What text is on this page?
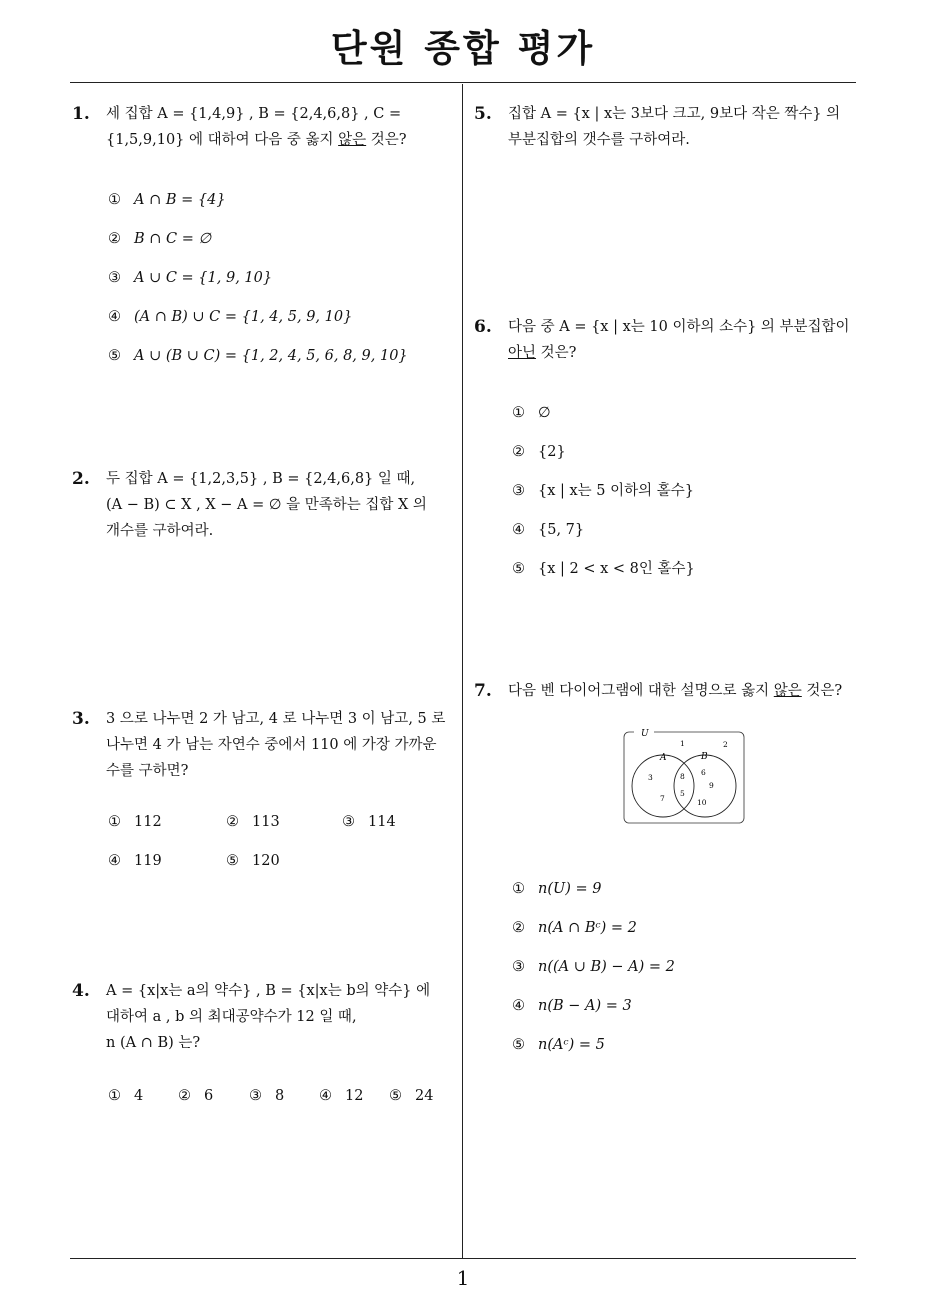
단원 종합 평가
1
1. 세 집합 A = {1,4,9} , B = {2,4,6,8} , C =

{1,5,9,10} 에 대하여 다음 중 옳지 않은 것은?

① A ∩ B = {4}
② B ∩ C = ∅
③ A ∪ C = {1, 9, 10}
④ (A ∩ B) ∪ C = {1, 4, 5, 9, 10}
⑤ A ∪ (B ∪ C) = {1, 2, 4, 5, 6, 8, 9, 10}
2. 두 집합 A = {1,2,3,5} , B = {2,4,6,8} 일 때,

(A − B) ⊂ X , X − A = ∅ 을 만족하는 집합 X 의

개수를 구하여라.

3. 3 으로 나누면 2 가 남고, 4 로 나누면 3 이 남고, 5 로

나누면 4 가 남는 자연수 중에서 110 에 가장 가까운

수를 구하면?

① 112	② 113	③ 114
④ 119	⑤ 120
4. A = {x|x는 a의 약수} , B = {x|x는 b의 약수} 에

대하여 a , b 의 최대공약수가 12 일 때,

n (A ∩ B) 는?

① 4 ② 6 ③ 8 ④ 12 ⑤ 24
5. 집합 A = {x | x는 3보다 크고, 9보다 작은 짝수} 의

부분집합의 갯수를 구하여라.

6. 다음 중 A = {x | x는 10 이하의 소수} 의 부분집합이

아닌 것은?

① ∅
② {2}
③ {x | x는 5 이하의 홀수}
④ {5, 7}
⑤ {x | 2 < x < 8인 홀수}
7. 다음 벤 다이어그램에 대한 설명으로 옳지 않은 것은?

U
A	B
1	2
3
7
8
5
6
9
10
① n(U) = 9
② n(A ∩ Bᶜ) = 2
③ n((A ∪ B) − A) = 2
④ n(B − A) = 3
⑤ n(Aᶜ) = 5
